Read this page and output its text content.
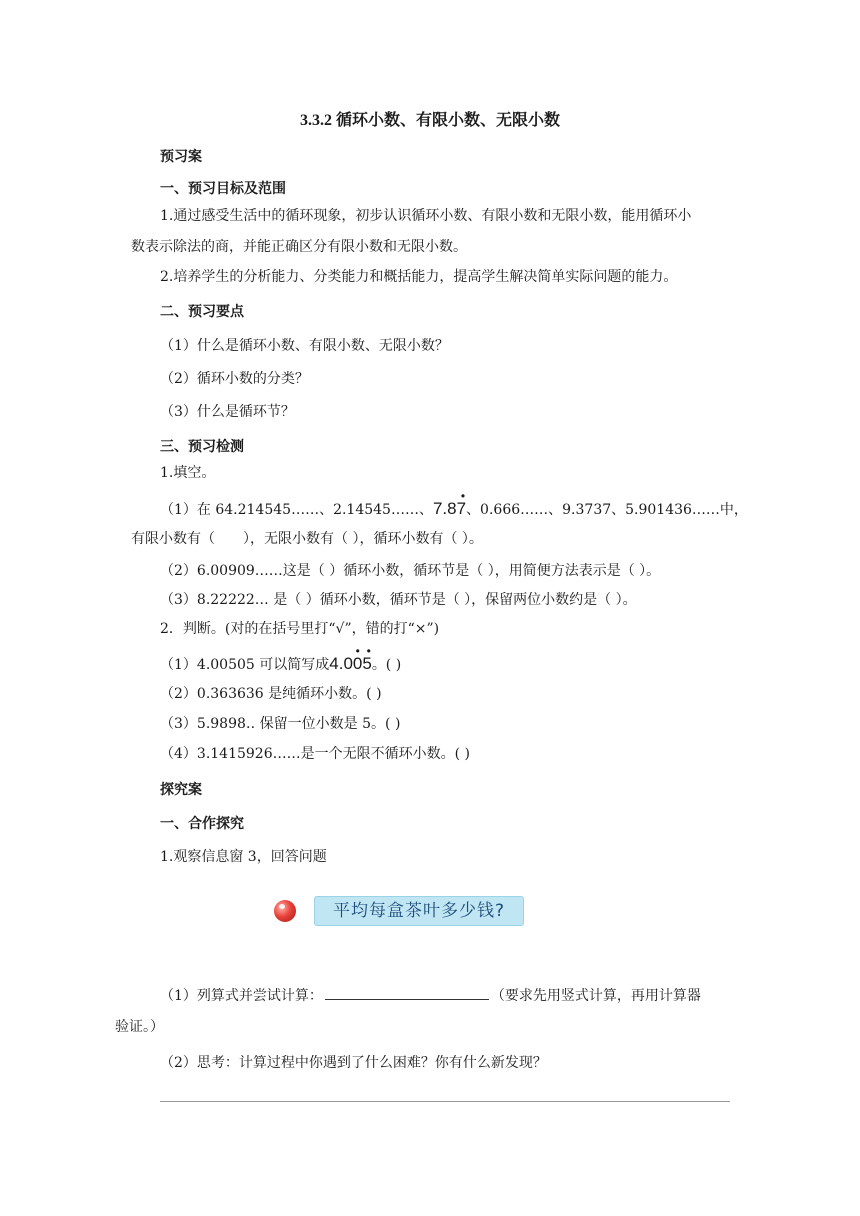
3.3.2 循环小数、有限小数、无限小数
预习案
一、预习目标及范围
1.通过感受生活中的循环现象，初步认识循环小数、有限小数和无限小数，能用循环小
数表示除法的商，并能正确区分有限小数和无限小数。
2.培养学生的分析能力、分类能力和概括能力，提高学生解决简单实际问题的能力。
二、预习要点
（1）什么是循环小数、有限小数、无限小数？
（2）循环小数的分类？
（3）什么是循环节？
三、预习检测
1.填空。
（1）在 64.214545……、2.14545……、7.87
•
、0.666……、9.3737、5.901436……中，
有限小数有（　　），无限小数有（ ），循环小数有（ ）。
（2）6.00909……这是（ ）循环小数，循环节是（ ），用简便方法表示是（ ）。
（3）8.22222… 是（ ）循环小数，循环节是（ ），保留两位小数约是（ ）。
2．判断。(对的在括号里打“√”，错的打“×”)
（1）4.00505 可以简写成4.005
• •
。( )
（2）0.363636 是纯循环小数。( )
（3）5.9898‥ 保留一位小数是 5。( )
（4）3.1415926……是一个无限不循环小数。( )
探究案
一、合作探究
1.观察信息窗 3，回答问题
平均每盒茶叶多少钱?
（1）列算式并尝试计算：	（要求先用竖式计算，再用计算器
验证。）
（2）思考：计算过程中你遇到了什么困难？你有什么新发现？
